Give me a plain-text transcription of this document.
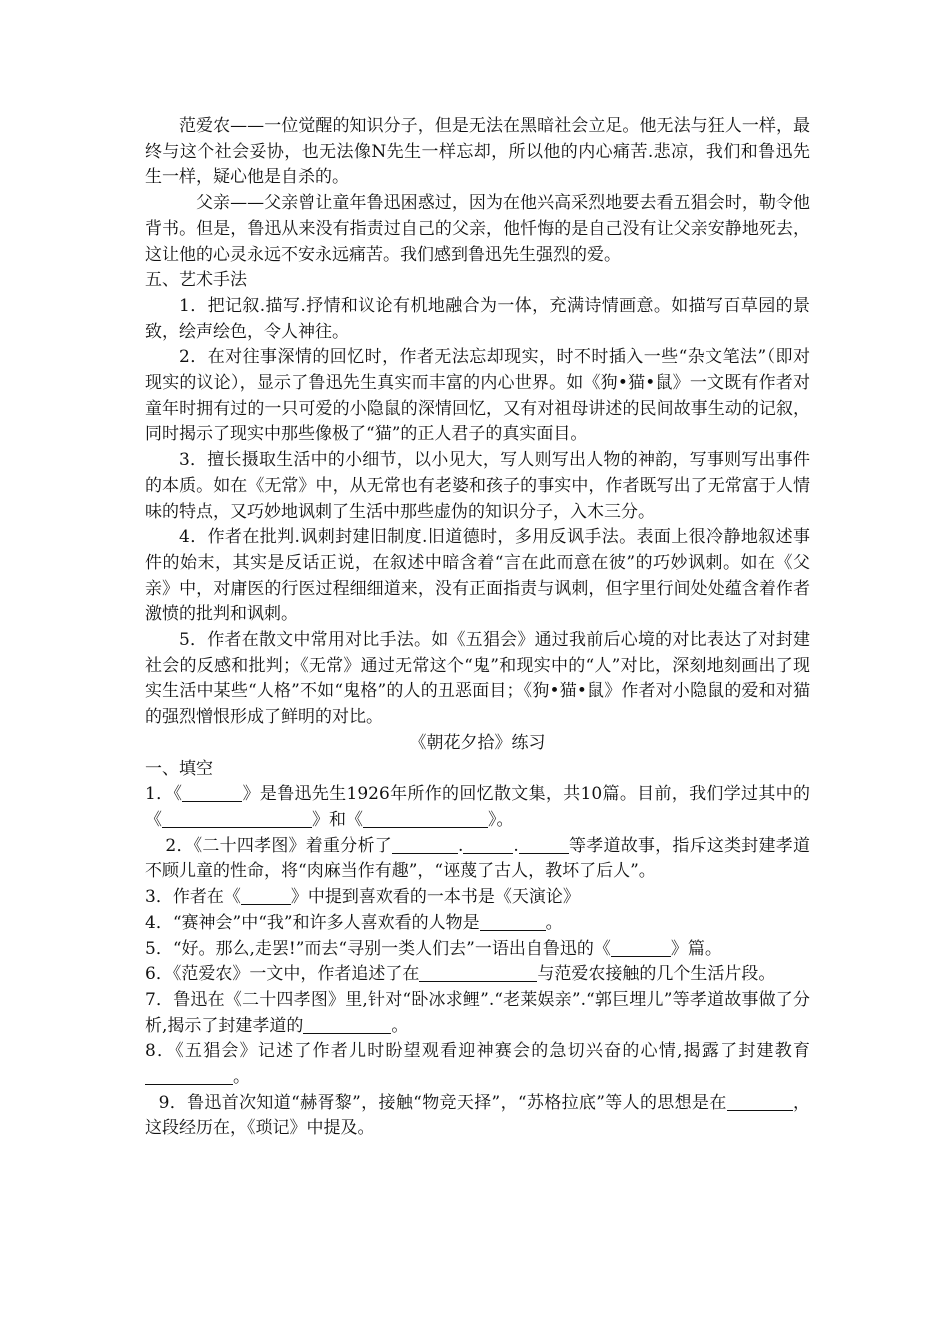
范爱农——一位觉醒的知识分子，但是无法在黑暗社会立足。他无法与狂人一样，最终与这个社会妥协，也无法像N先生一样忘却，所以他的内心痛苦.悲凉，我们和鲁迅先生一样，疑心他是自杀的。

父亲——父亲曾让童年鲁迅困惑过，因为在他兴高采烈地要去看五猖会时，勒令他背书。但是，鲁迅从来没有指责过自己的父亲，他忏悔的是自己没有让父亲安静地死去，这让他的心灵永远不安永远痛苦。我们感到鲁迅先生强烈的爱。

五、艺术手法

1．把记叙.描写.抒情和议论有机地融合为一体，充满诗情画意。如描写百草园的景致，绘声绘色，令人神往。

2．在对往事深情的回忆时，作者无法忘却现实，时不时插入一些“杂文笔法”（即对现实的议论），显示了鲁迅先生真实而丰富的内心世界。如《狗•猫•鼠》一文既有作者对童年时拥有过的一只可爱的小隐鼠的深情回忆，又有对祖母讲述的民间故事生动的记叙，同时揭示了现实中那些像极了“猫”的正人君子的真实面目。

3．擅长摄取生活中的小细节，以小见大，写人则写出人物的神韵，写事则写出事件的本质。如在《无常》中，从无常也有老婆和孩子的事实中，作者既写出了无常富于人情味的特点，又巧妙地讽刺了生活中那些虚伪的知识分子，入木三分。

4．作者在批判.讽刺封建旧制度.旧道德时，多用反讽手法。表面上很冷静地叙述事件的始末，其实是反话正说，在叙述中暗含着“言在此而意在彼”的巧妙讽刺。如在《父亲》中，对庸医的行医过程细细道来，没有正面指责与讽刺，但字里行间处处蕴含着作者激愤的批判和讽刺。

5．作者在散文中常用对比手法。如《五猖会》通过我前后心境的对比表达了对封建社会的反感和批判；《无常》通过无常这个“鬼”和现实中的“人”对比，深刻地刻画出了现实生活中某些“人格”不如“鬼格”的人的丑恶面目；《狗•猫•鼠》作者对小隐鼠的爱和对猫的强烈憎恨形成了鲜明的对比。

《朝花夕拾》练习

一、填空

1．《	》是鲁迅先生1926年所作的回忆散文集，共10篇。目前，我们学过其中的《	》和《	》。

2．《二十四孝图》着重分析了	.	.	等孝道故事，指斥这类封建孝道不顾儿童的性命，将“肉麻当作有趣”，“诬蔑了古人，教坏了后人”。

3．作者在《	》中提到喜欢看的一本书是《天演论》

4．“赛神会”中“我”和许多人喜欢看的人物是	。

5．“好。那么,走罢!”而去“寻别一类人们去”一语出自鲁迅的《	》篇。

6．《范爱农》一文中，作者追述了在	与范爱农接触的几个生活片段。

7．鲁迅在《二十四孝图》里,针对“卧冰求鲤”.“老莱娱亲”.“郭巨埋儿”等孝道故事做了分析,揭示了封建孝道的	。

8．《五猖会》记述了作者儿时盼望观看迎神赛会的急切兴奋的心情,揭露了封建教育。

9．鲁迅首次知道“赫胥黎”，接触“物竞天择”，“苏格拉底”等人的思想是在	，这段经历在，《琐记》中提及。
